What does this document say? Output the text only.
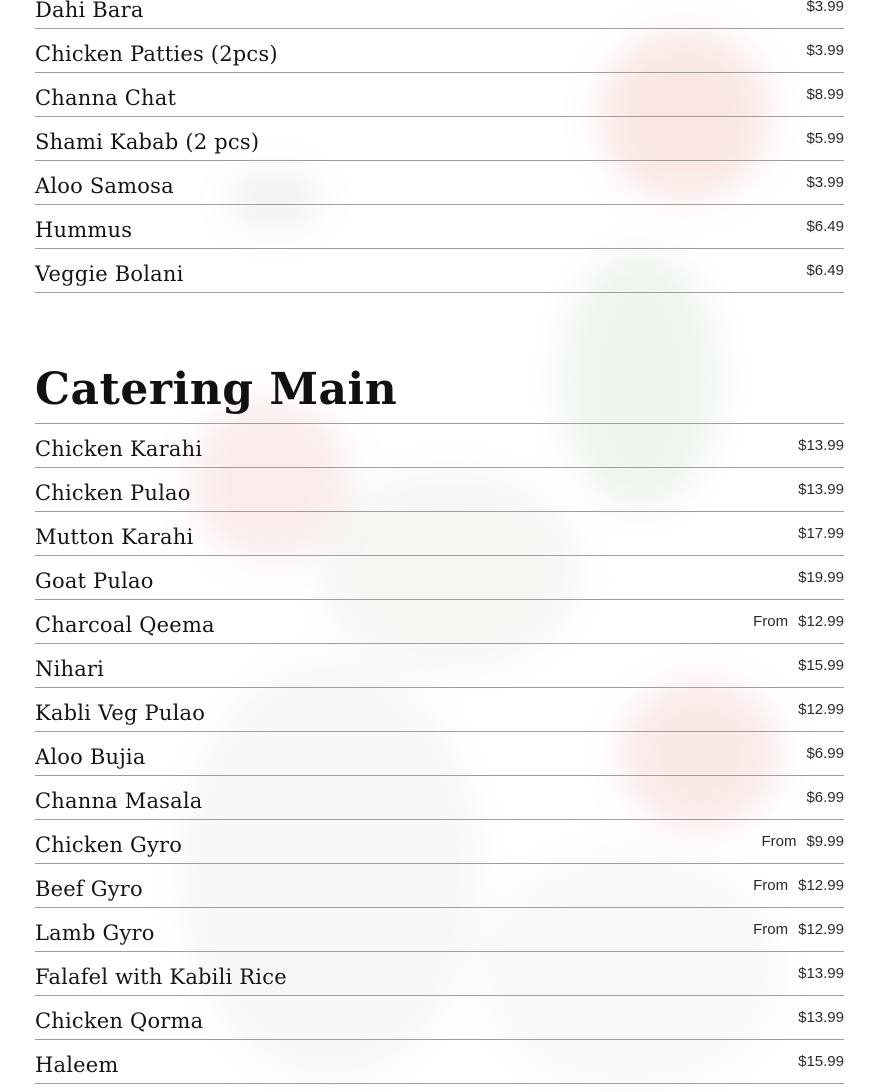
Dahi Bara	$3.99
Chicken Patties (2pcs)	$3.99
Channa Chat	$8.99
Shami Kabab (2 pcs)	$5.99
Aloo Samosa	$3.99
Hummus	$6.49
Veggie Bolani	$6.49
Catering Main
Chicken Karahi	$13.99
Chicken Pulao	$13.99
Mutton Karahi	$17.99
Goat Pulao	$19.99
Charcoal Qeema	From $12.99
Nihari	$15.99
Kabli Veg Pulao	$12.99
Aloo Bujia	$6.99
Channa Masala	$6.99
Chicken Gyro	From $9.99
Beef Gyro	From $12.99
Lamb Gyro	From $12.99
Falafel with Kabili Rice	$13.99
Chicken Qorma	$13.99
Haleem	$15.99
